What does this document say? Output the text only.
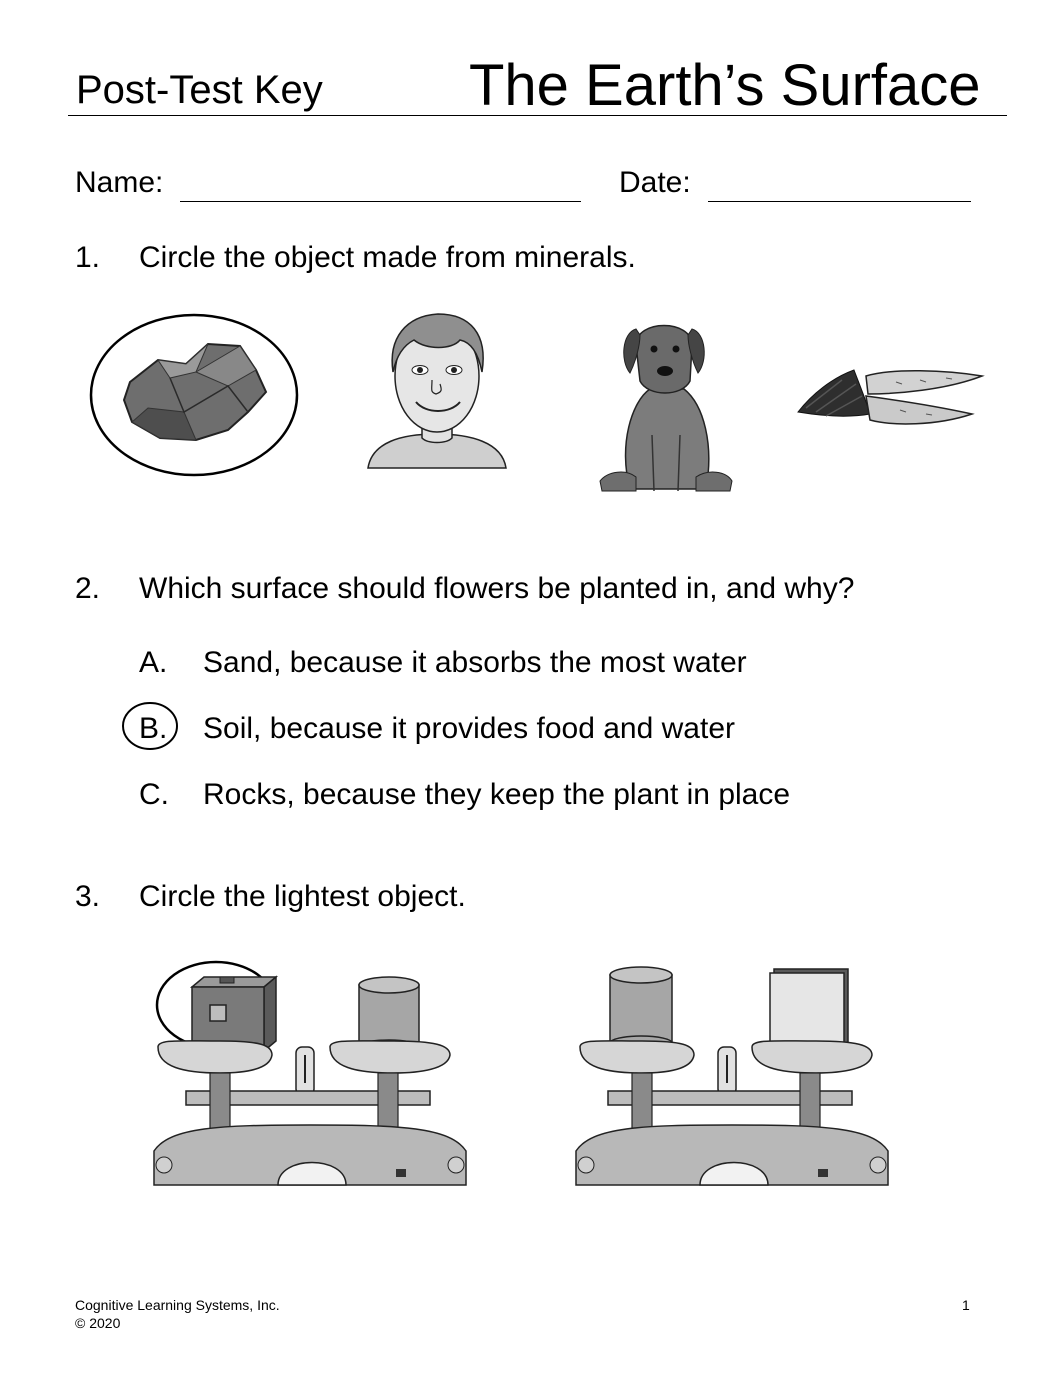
Post-Test Key	The Earth’s Surface
Name:	Date:
1. Circle the object made from minerals.
2. Which surface should flowers be planted in, and why?
A. Sand, because it absorbs the most water
B. Soil, because it provides food and water
C. Rocks, because they keep the plant in place
3. Circle the lightest object.
Cognitive Learning Systems, Inc.
© 2020
1
